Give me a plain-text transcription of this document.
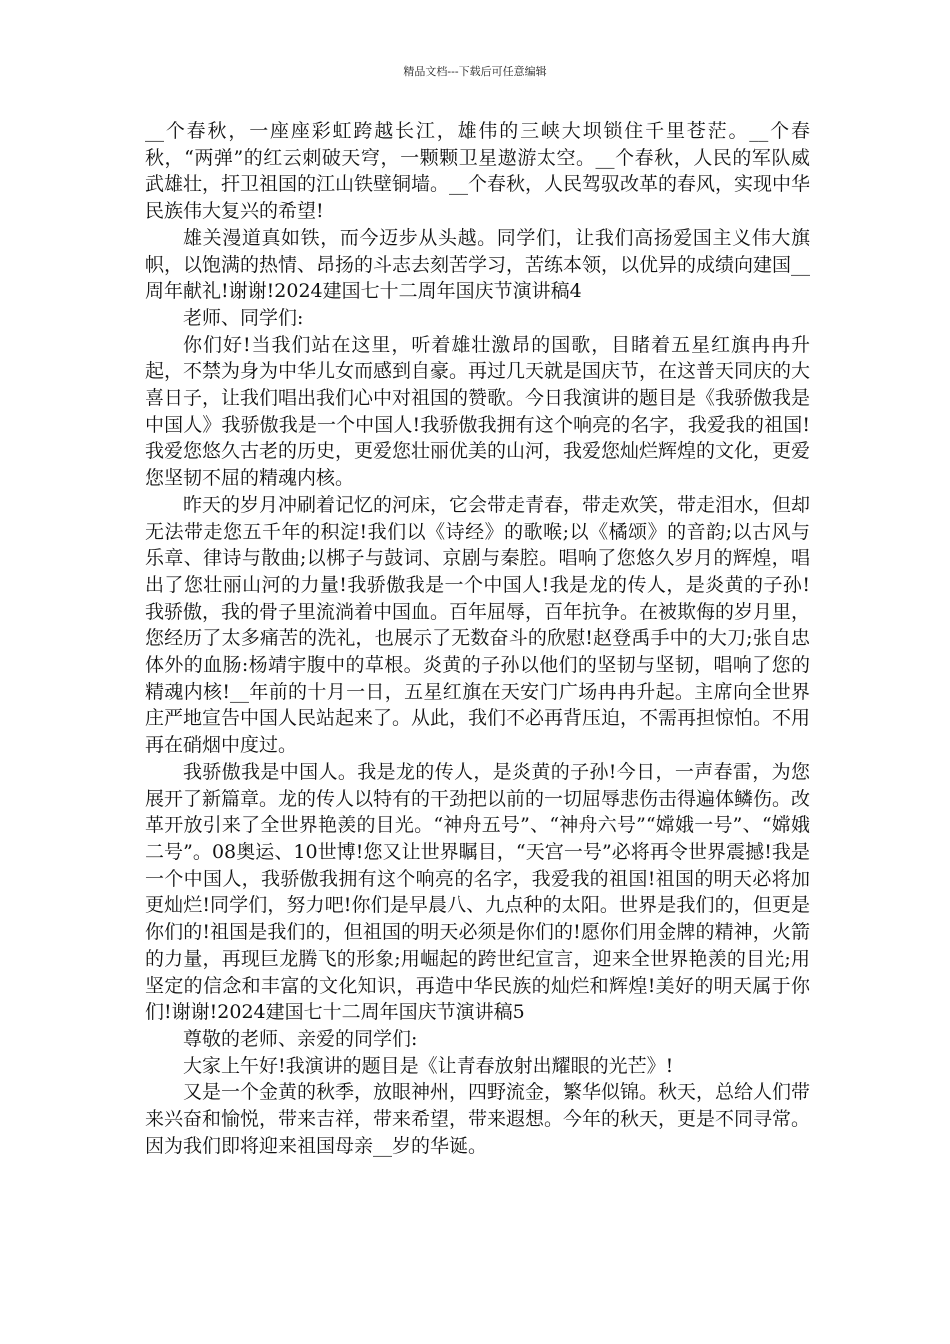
精品文档---下载后可任意编辑

__个春秋，一座座彩虹跨越长江，雄伟的三峡大坝锁住千里苍茫。__个春秋，“两弹”的红云刺破天穹，一颗颗卫星遨游太空。__个春秋，人民的军队威武雄壮，扞卫祖国的江山铁壁铜墙。__个春秋，人民驾驭改革的春风，实现中华民族伟大复兴的希望!

雄关漫道真如铁，而今迈步从头越。同学们，让我们高扬爱国主义伟大旗帜，以饱满的热情、昂扬的斗志去刻苦学习，苦练本领，以优异的成绩向建国__周年献礼!谢谢!2024建国七十二周年国庆节演讲稿4

老师、同学们:

你们好!当我们站在这里，听着雄壮激昂的国歌，目睹着五星红旗冉冉升起，不禁为身为中华儿女而感到自豪。再过几天就是国庆节，在这普天同庆的大喜日子，让我们唱出我们心中对祖国的赞歌。今日我演讲的题目是《我骄傲我是中国人》我骄傲我是一个中国人!我骄傲我拥有这个响亮的名字，我爱我的祖国!我爱您悠久古老的历史，更爱您壮丽优美的山河，我爱您灿烂辉煌的文化，更爱您坚韧不屈的精魂内核。

昨天的岁月冲刷着记忆的河床，它会带走青春，带走欢笑，带走泪水，但却无法带走您五千年的积淀!我们以《诗经》的歌喉;以《橘颂》的音韵;以古风与乐章、律诗与散曲;以梆子与鼓词、京剧与秦腔。唱响了您悠久岁月的辉煌，唱出了您壮丽山河的力量!我骄傲我是一个中国人!我是龙的传人，是炎黄的子孙!我骄傲，我的骨子里流淌着中国血。百年屈辱，百年抗争。在被欺侮的岁月里，您经历了太多痛苦的洗礼，也展示了无数奋斗的欣慰!赵登禹手中的大刀;张自忠体外的血肠:杨靖宇腹中的草根。炎黄的子孙以他们的坚韧与坚韧，唱响了您的精魂内核!__年前的十月一日，五星红旗在天安门广场冉冉升起。主席向全世界庄严地宣告中国人民站起来了。从此，我们不必再背压迫，不需再担惊怕。不用再在硝烟中度过。

我骄傲我是中国人。我是龙的传人，是炎黄的子孙!今日，一声春雷，为您展开了新篇章。龙的传人以特有的干劲把以前的一切屈辱悲伤击得遍体鳞伤。改革开放引来了全世界艳羡的目光。“神舟五号”、“神舟六号”“嫦娥一号”、“嫦娥二号”。08奥运、10世博!您又让世界瞩目，“天宫一号”必将再令世界震撼!我是一个中国人，我骄傲我拥有这个响亮的名字，我爱我的祖国!祖国的明天必将加更灿烂!同学们，努力吧!你们是早晨八、九点种的太阳。世界是我们的，但更是你们的!祖国是我们的，但祖国的明天必须是你们的!愿你们用金牌的精神，火箭的力量，再现巨龙腾飞的形象;用崛起的跨世纪宣言，迎来全世界艳羡的目光;用坚定的信念和丰富的文化知识，再造中华民族的灿烂和辉煌!美好的明天属于你们!谢谢!2024建国七十二周年国庆节演讲稿5

尊敬的老师、亲爱的同学们:

大家上午好!我演讲的题目是《让青春放射出耀眼的光芒》!

又是一个金黄的秋季，放眼神州，四野流金，繁华似锦。秋天，总给人们带来兴奋和愉悦，带来吉祥，带来希望，带来遐想。今年的秋天，更是不同寻常。因为我们即将迎来祖国母亲__岁的华诞。
